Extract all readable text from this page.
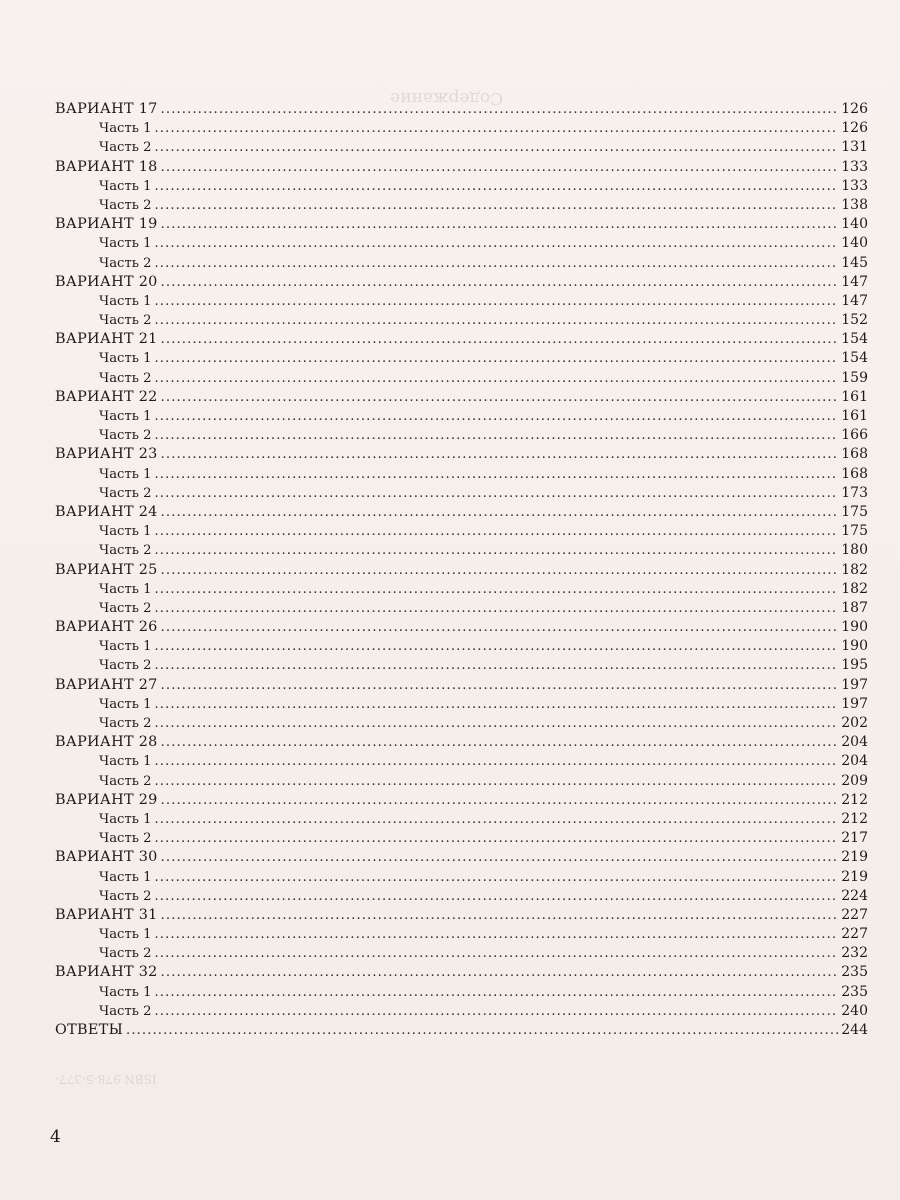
Содержание
ISBN 978-5-377-
ВАРИАНТ 17 .....	126
Часть 1 .....	126
Часть 2 .....	131
ВАРИАНТ 18 .....	133
Часть 1 .....	133
Часть 2 .....	138
ВАРИАНТ 19 .....	140
Часть 1 .....	140
Часть 2 .....	145
ВАРИАНТ 20 .....	147
Часть 1 .....	147
Часть 2 .....	152
ВАРИАНТ 21 .....	154
Часть 1 .....	154
Часть 2 .....	159
ВАРИАНТ 22 .....	161
Часть 1 .....	161
Часть 2 .....	166
ВАРИАНТ 23 .....	168
Часть 1 .....	168
Часть 2 .....	173
ВАРИАНТ 24 .....	175
Часть 1 .....	175
Часть 2 .....	180
ВАРИАНТ 25 .....	182
Часть 1 .....	182
Часть 2 .....	187
ВАРИАНТ 26 .....	190
Часть 1 .....	190
Часть 2 .....	195
ВАРИАНТ 27 .....	197
Часть 1 .....	197
Часть 2 .....	202
ВАРИАНТ 28 .....	204
Часть 1 .....	204
Часть 2 .....	209
ВАРИАНТ 29 .....	212
Часть 1 .....	212
Часть 2 .....	217
ВАРИАНТ 30 .....	219
Часть 1 .....	219
Часть 2 .....	224
ВАРИАНТ 31 .....	227
Часть 1 .....	227
Часть 2 .....	232
ВАРИАНТ 32 .....	235
Часть 1 .....	235
Часть 2 .....	240
ОТВЕТЫ .....	244
4
